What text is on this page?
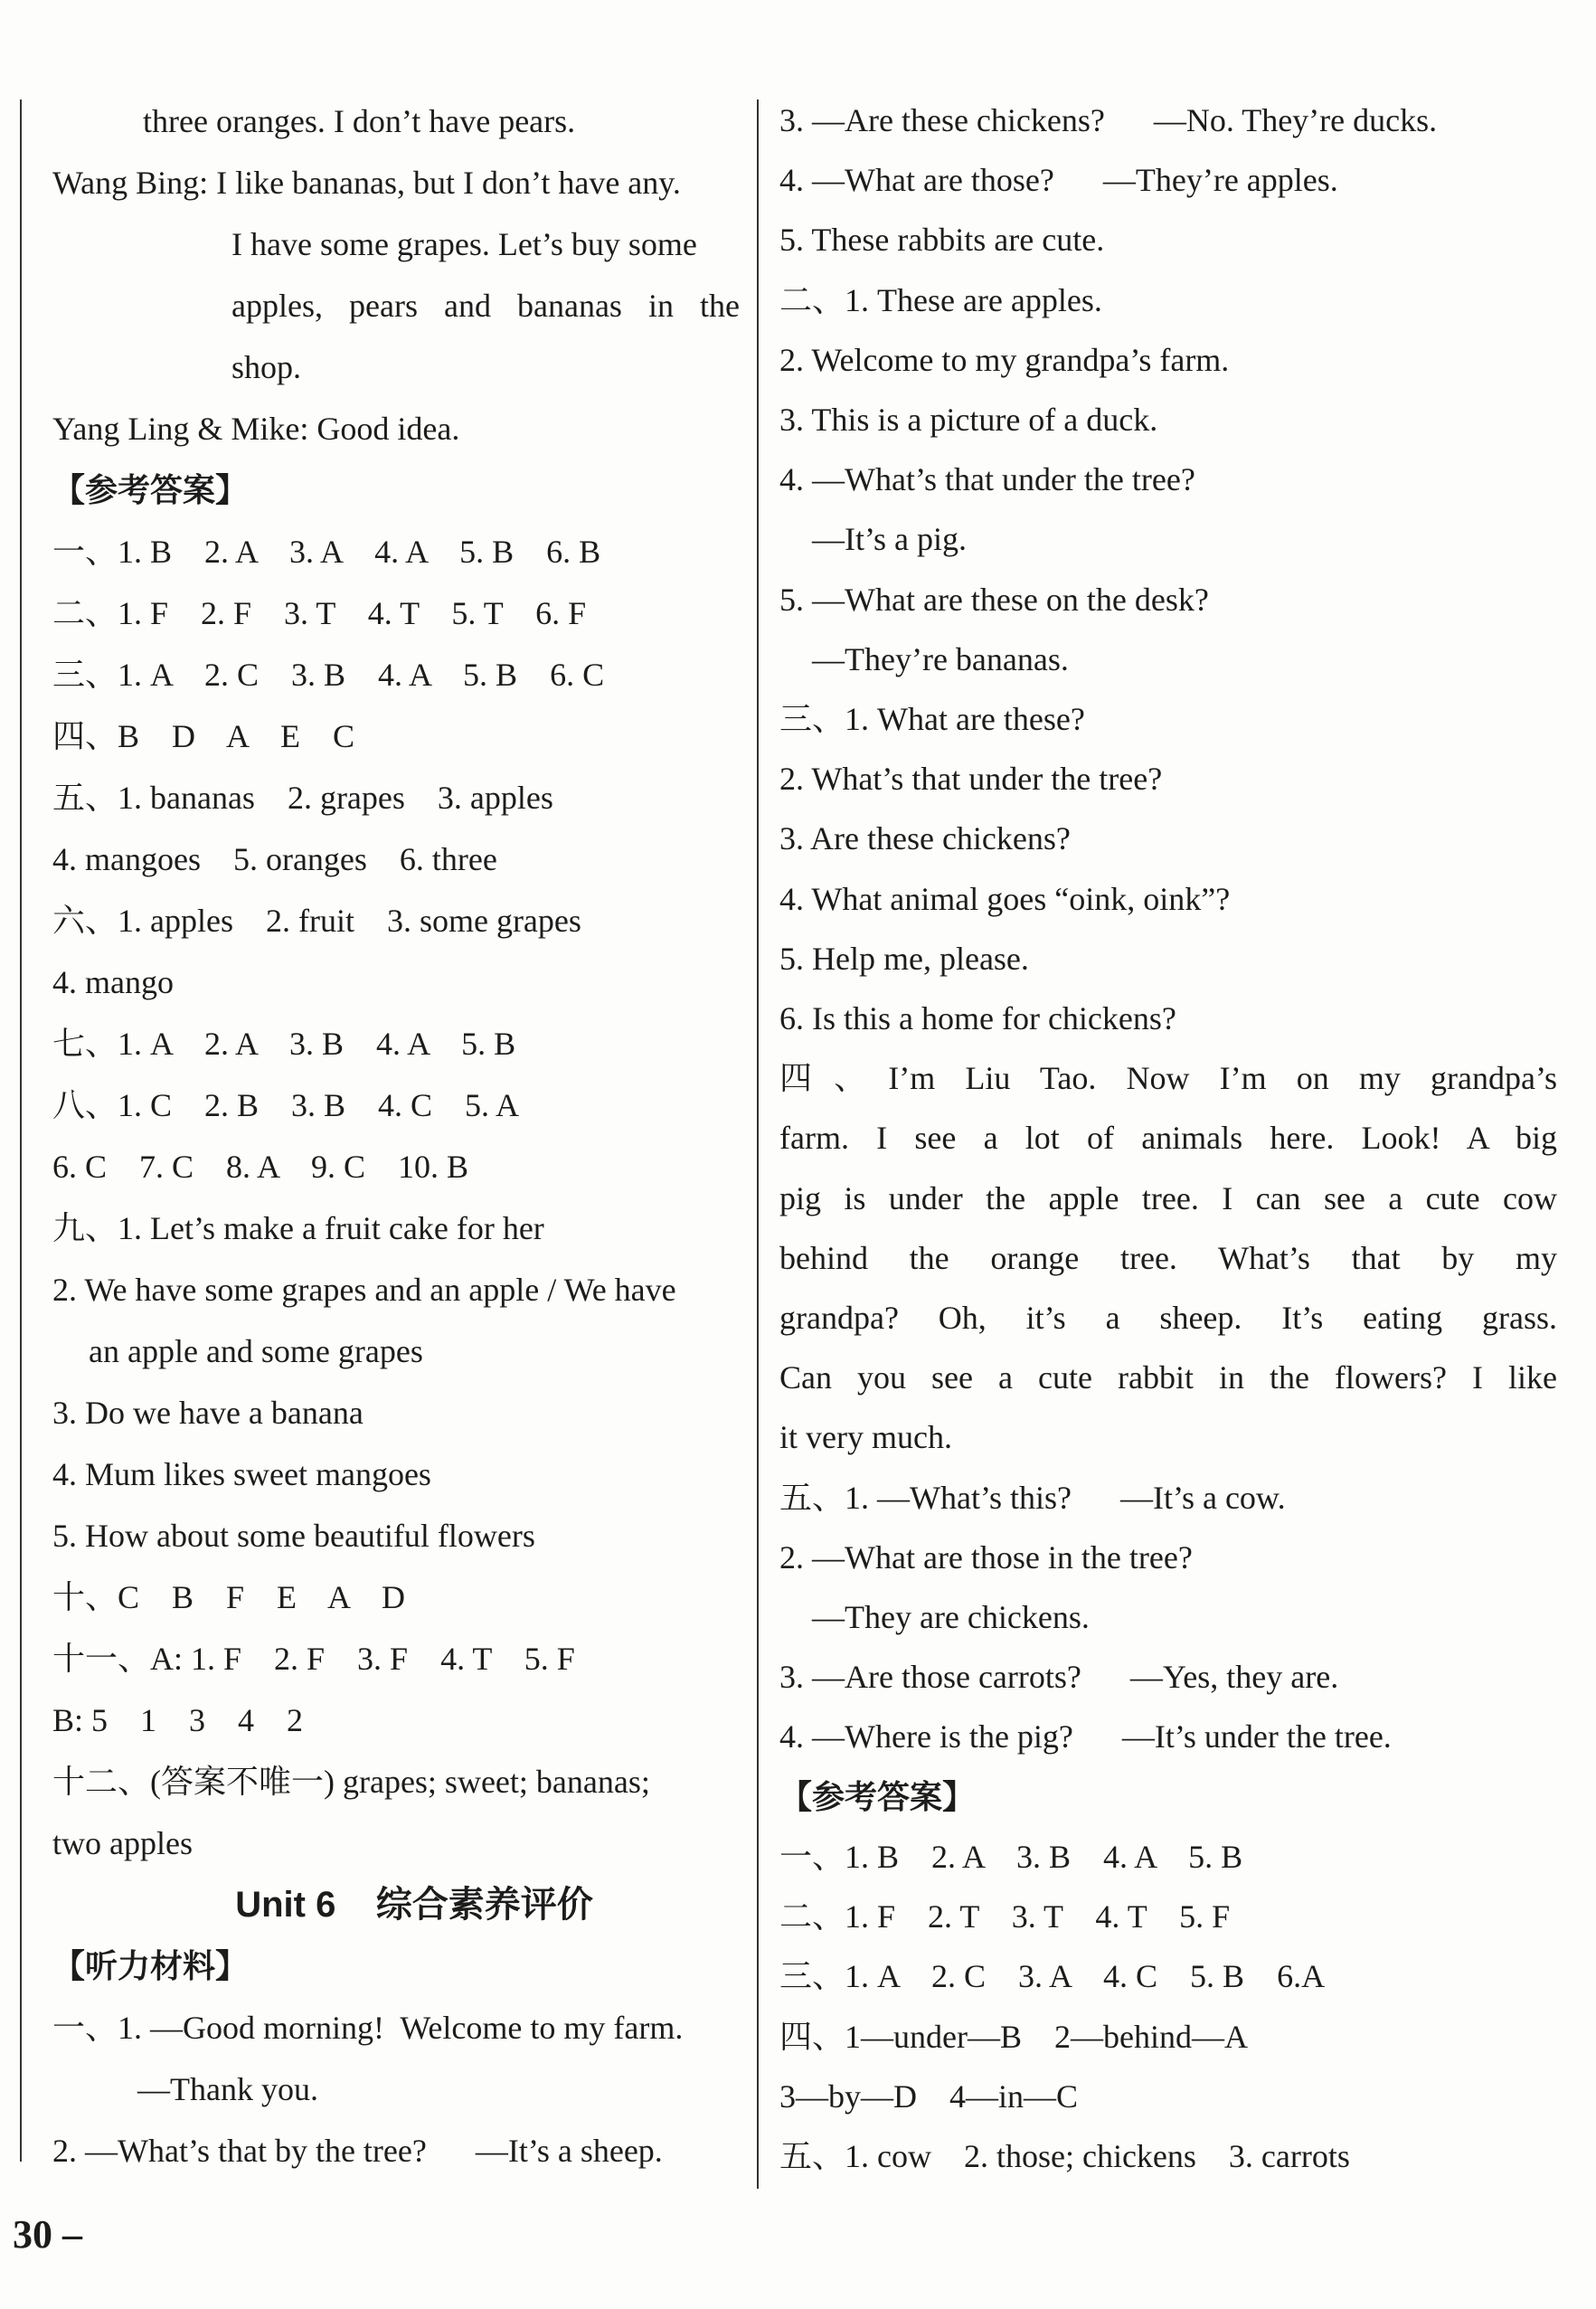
three oranges. I don’t have pears.
Wang Bing: I like bananas, but I don’t have any.
I have some grapes. Let’s buy some
apples, pears and bananas in the
shop.
Yang Ling & Mike: Good idea.
【参考答案】
一、1. B    2. A    3. A    4. A    5. B    6. B
二、1. F    2. F    3. T    4. T    5. T    6. F
三、1. A    2. C    3. B    4. A    5. B    6. C
四、B    D    A    E    C
五、1. bananas    2. grapes    3. apples
4. mangoes    5. oranges    6. three
六、1. apples    2. fruit    3. some grapes
4. mango
七、1. A    2. A    3. B    4. A    5. B
八、1. C    2. B    3. B    4. C    5. A
6. C    7. C    8. A    9. C    10. B
九、1. Let’s make a fruit cake for her
2. We have some grapes and an apple / We have
an apple and some grapes
3. Do we have a banana
4. Mum likes sweet mangoes
5. How about some beautiful flowers
十、C    B    F    E    A    D
十一、A: 1. F    2. F    3. F    4. T    5. F
B: 5    1    3    4    2
十二、(答案不唯一) grapes; sweet; bananas;
two apples
Unit 6    综合素养评价
【听力材料】
一、1. —Good morning!  Welcome to my farm.
—Thank you.
2. —What’s that by the tree?      —It’s a sheep.
3. —Are these chickens?      —No. They’re ducks.
4. —What are those?      —They’re apples.
5. These rabbits are cute.
二、1. These are apples.
2. Welcome to my grandpa’s farm.
3. This is a picture of a duck.
4. —What’s that under the tree?
—It’s a pig.
5. —What are these on the desk?
—They’re bananas.
三、1. What are these?
2. What’s that under the tree?
3. Are these chickens?
4. What animal goes “oink, oink”?
5. Help me, please.
6. Is this a home for chickens?
四、I’m Liu Tao. Now I’m on my grandpa’s
farm. I see a lot of animals here. Look! A big
pig is under the apple tree. I can see a cute cow
behind the orange tree. What’s that by my
grandpa? Oh, it’s a sheep. It’s eating grass.
Can you see a cute rabbit in the flowers? I like
it very much.
五、1. —What’s this?      —It’s a cow.
2. —What are those in the tree?
—They are chickens.
3. —Are those carrots?      —Yes, they are.
4. —Where is the pig?      —It’s under the tree.
【参考答案】
一、1. B    2. A    3. B    4. A    5. B
二、1. F    2. T    3. T    4. T    5. F
三、1. A    2. C    3. A    4. C    5. B    6.A
四、1—under—B    2—behind—A
3—by—D    4—in—C
五、1. cow    2. those; chickens    3. carrots
30 –
